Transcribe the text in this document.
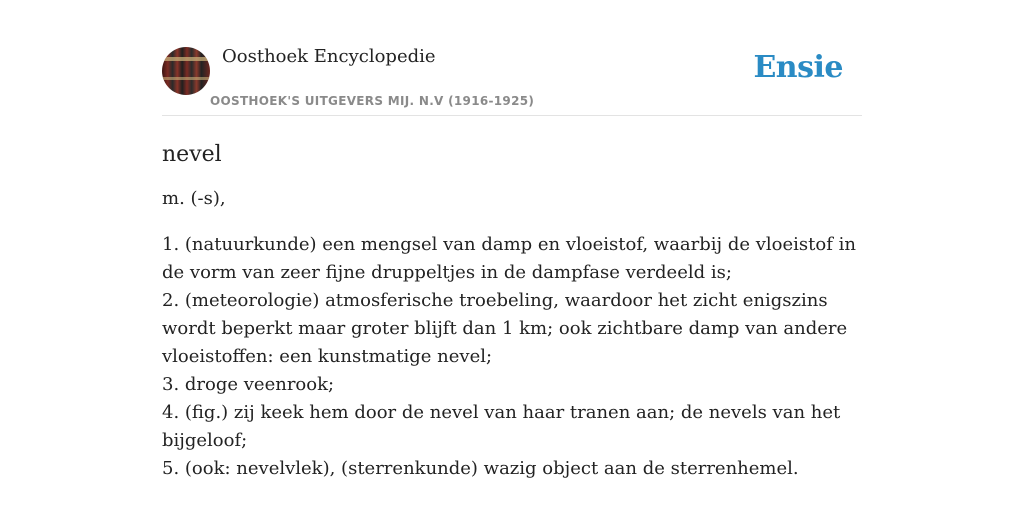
Oosthoek Encyclopedie
OOSTHOEK'S UITGEVERS MIJ. N.V (1916-1925)
Ensie
nevel

m. (-s),

1. (natuurkunde) een mengsel van damp en vloeistof, waarbij de vloeistof in de vorm van zeer fijne druppeltjes in de dampfase verdeeld is;
2. (meteorologie) atmosferische troebeling, waardoor het zicht enigszins wordt beperkt maar groter blijft dan 1 km; ook zichtbare damp van andere vloeistoffen: een kunstmatige nevel;
3. droge veenrook;
4. (fig.) zij keek hem door de nevel van haar tranen aan; de nevels van het bijgeloof;
5. (ook: nevelvlek), (sterrenkunde) wazig object aan de sterrenhemel.
